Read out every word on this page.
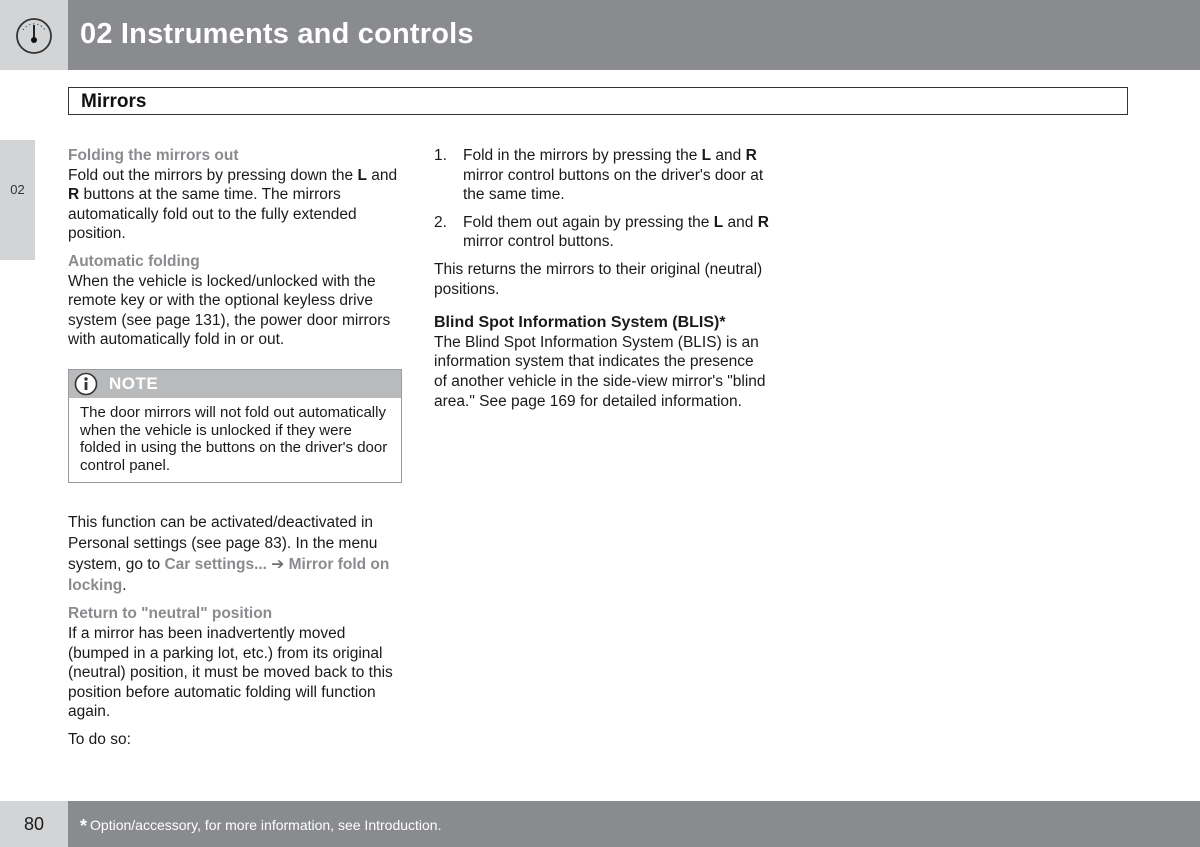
02 Instruments and controls
Mirrors
02

Folding the mirrors out
Fold out the mirrors by pressing down the L and R buttons at the same time. The mirrors automatically fold out to the fully extended position.

Automatic folding
When the vehicle is locked/unlocked with the remote key or with the optional keyless drive system (see page 131), the power door mirrors with automatically fold in or out.

NOTE
The door mirrors will not fold out automatically when the vehicle is unlocked if they were folded in using the buttons on the driver's door control panel.

This function can be activated/deactivated in Personal settings (see page 83). In the menu system, go to Car settings... ➔ Mirror fold on locking.

Return to "neutral" position
If a mirror has been inadvertently moved (bumped in a parking lot, etc.) from its original (neutral) position, it must be moved back to this position before automatic folding will function again.

To do so:

1. Fold in the mirrors by pressing the L and R mirror control buttons on the driver's door at the same time.
2. Fold them out again by pressing the L and R mirror control buttons.

This returns the mirrors to their original (neutral) positions.

Blind Spot Information System (BLIS)*
The Blind Spot Information System (BLIS) is an information system that indicates the presence of another vehicle in the side-view mirror's "blind area." See page 169 for detailed information.

80	* Option/accessory, for more information, see Introduction.
